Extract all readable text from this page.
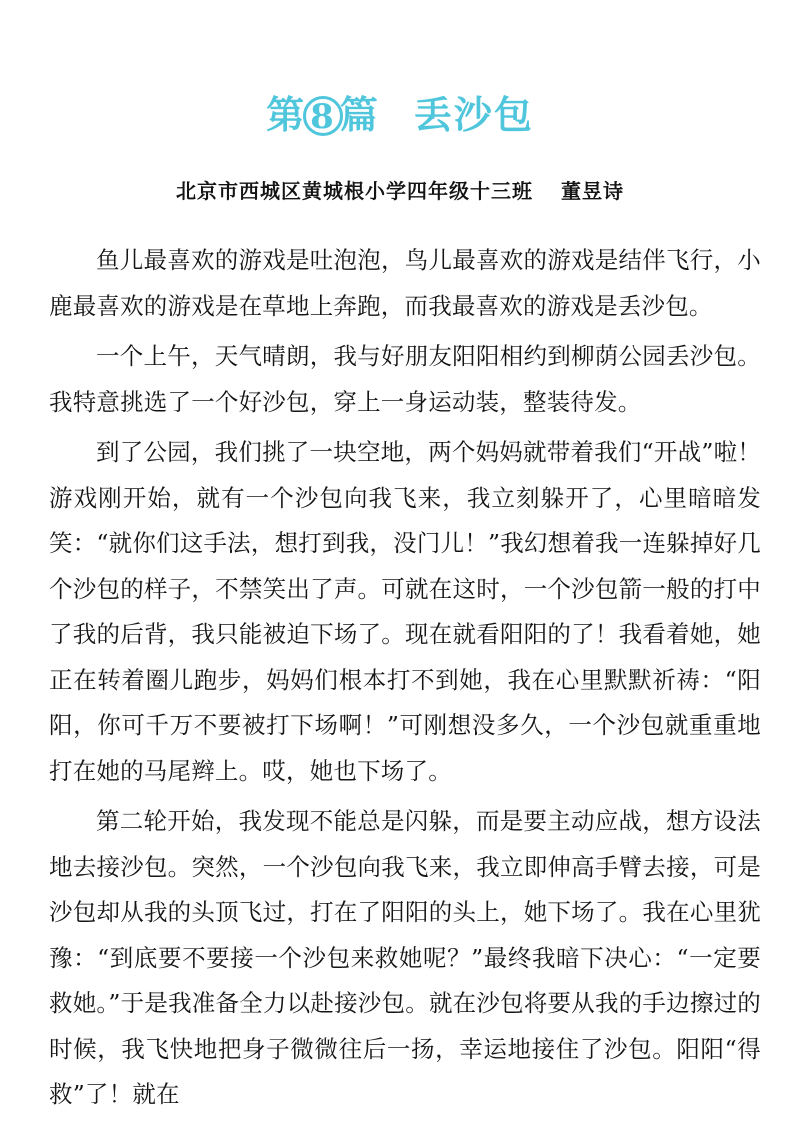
第 8 篇 丢沙包
北京市西城区黄城根小学四年级十三班 董昱诗

鱼儿最喜欢的游戏是吐泡泡，鸟儿最喜欢的游戏是结伴飞行，小鹿最喜欢的游戏是在草地上奔跑，而我最喜欢的游戏是丢沙包。

一个上午，天气晴朗，我与好朋友阳阳相约到柳荫公园丢沙包。我特意挑选了一个好沙包，穿上一身运动装，整装待发。

到了公园，我们挑了一块空地，两个妈妈就带着我们“开战”啦！游戏刚开始，就有一个沙包向我飞来，我立刻躲开了，心里暗暗发笑：“就你们这手法，想打到我，没门儿！”我幻想着我一连躲掉好几个沙包的样子，不禁笑出了声。可就在这时，一个沙包箭一般的打中了我的后背，我只能被迫下场了。现在就看阳阳的了！我看着她，她正在转着圈儿跑步，妈妈们根本打不到她，我在心里默默祈祷：“阳阳，你可千万不要被打下场啊！”可刚想没多久，一个沙包就重重地打在她的马尾辫上。哎，她也下场了。

第二轮开始，我发现不能总是闪躲，而是要主动应战，想方设法地去接沙包。突然，一个沙包向我飞来，我立即伸高手臂去接，可是沙包却从我的头顶飞过，打在了阳阳的头上，她下场了。我在心里犹豫：“到底要不要接一个沙包来救她呢？”最终我暗下决心：“一定要救她。”于是我准备全力以赴接沙包。就在沙包将要从我的手边擦过的时候，我飞快地把身子微微往后一扬，幸运地接住了沙包。阳阳“得救”了！就在
